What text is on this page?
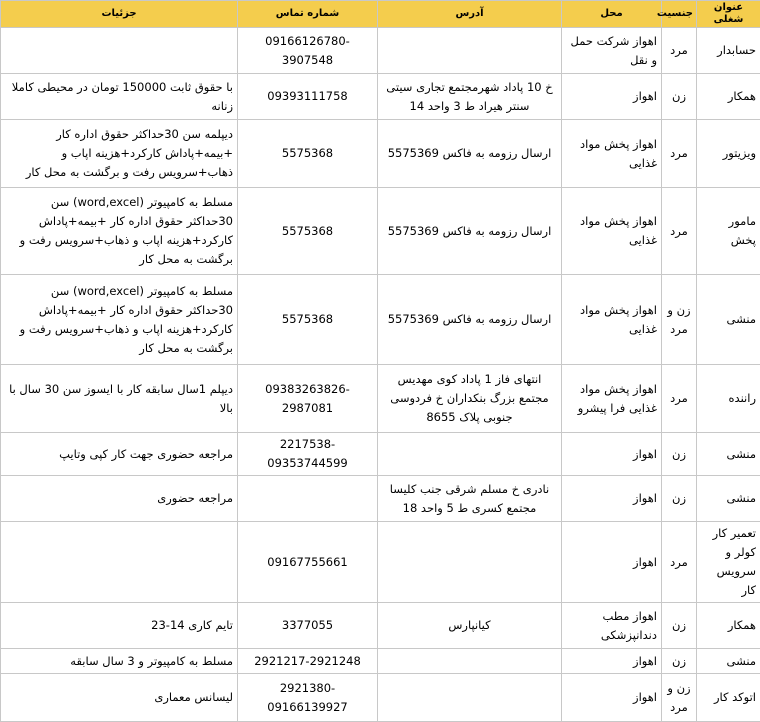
عنوان شغلی	جنسیت	محل	آدرس	شماره تماس	جزئیات
حسابدار	مرد	اهواز شرکت حمل و نقل		09166126780-3907548	
همکار	زن	اهواز	خ 10 پاداد شهرمجتمع تجاری سیتی سنتر هیراد ط 3 واحد 14	09393111758	با حقوق ثابت 150000 تومان در محیطی کاملا زنانه
ویزیتور	مرد	اهواز پخش مواد غذایی	ارسال رزومه به فاکس 5575369	5575368	دیپلمه سن 30حداکثر حقوق اداره کار +بیمه+پاداش کارکرد+هزینه اپاب و ذهاب+سرویس رفت و برگشت به محل کار
مامور پخش	مرد	اهواز پخش مواد غذایی	ارسال رزومه به فاکس 5575369	5575368	مسلط به کامپیوتر (word,excel) سن 30حداکثر حقوق اداره کار +بیمه+پاداش کارکرد+هزینه اپاب و ذهاب+سرویس رفت و برگشت به محل کار
منشی	زن و مرد	اهواز پخش مواد غذایی	ارسال رزومه به فاکس 5575369	5575368	مسلط به کامپیوتر (word,excel) سن 30حداکثر حقوق اداره کار +بیمه+پاداش کارکرد+هزینه اپاب و ذهاب+سرویس رفت و برگشت به محل کار
راننده	مرد	اهواز پخش مواد غذایی فرا پیشرو	انتهای فاز 1 پاداد کوی مهدیس مجتمع بزرگ بنکداران خ فردوسی جنوبی پلاک 8655	09383263826-2987081	دیپلم 1سال سابقه کار با ایسوز سن 30 سال با بالا
منشی	زن	اهواز		2217538-09353744599	مراجعه حضوری جهت کار کپی وتایپ
منشی	زن	اهواز	نادری خ مسلم شرقی جنب کلیسا مجتمع کسری ط 5 واحد 18		مراجعه حضوری
تعمیر کار کولر و سرویس کار	مرد	اهواز		09167755661	
همکار	زن	اهواز مطب دندانپزشکی	کیانپارس	3377055	تایم کاری 14-23
منشی	زن	اهواز		2921217-2921248	مسلط به کامپیوتر و 3 سال سابقه
اتوکد کار	زن و مرد	اهواز		2921380-09166139927	لیسانس معماری
